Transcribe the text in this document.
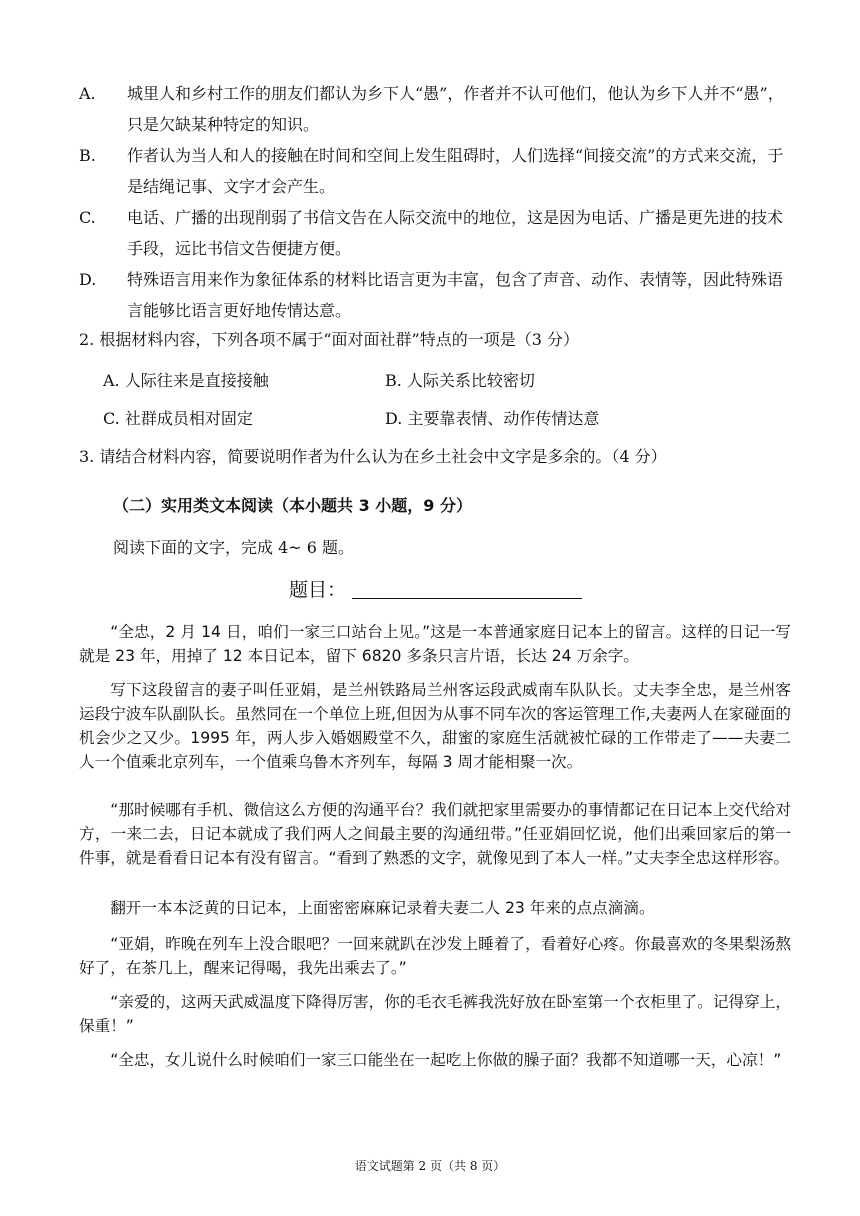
A. 城里人和乡村工作的朋友们都认为乡下人“愚”，作者并不认可他们，他认为乡下人并不“愚”，只是欠缺某种特定的知识。
B. 作者认为当人和人的接触在时间和空间上发生阻碍时，人们选择“间接交流”的方式来交流，于是结绳记事、文字才会产生。
C. 电话、广播的出现削弱了书信文告在人际交流中的地位，这是因为电话、广播是更先进的技术手段，远比书信文告便捷方便。
D. 特殊语言用来作为象征体系的材料比语言更为丰富，包含了声音、动作、表情等，因此特殊语言能够比语言更好地传情达意。
2. 根据材料内容，下列各项不属于“面对面社群”特点的一项是（3 分）
A. 人际往来是直接接触	B. 人际关系比较密切
C. 社群成员相对固定	D. 主要靠表情、动作传情达意
3. 请结合材料内容，简要说明作者为什么认为在乡土社会中文字是多余的。（4 分）
（二）实用类文本阅读（本小题共 3 小题，9 分）
阅读下面的文字，完成 4~ 6 题。
题目：
“全忠，2 月 14 日，咱们一家三口站台上见。”这是一本普通家庭日记本上的留言。这样的日记一写就是 23 年，用掉了 12 本日记本，留下 6820 多条只言片语，长达 24 万余字。
写下这段留言的妻子叫任亚娟，是兰州铁路局兰州客运段武威南车队队长。丈夫李全忠，是兰州客运段宁波车队副队长。虽然同在一个单位上班,但因为从事不同车次的客运管理工作,夫妻两人在家碰面的机会少之又少。1995 年，两人步入婚姻殿堂不久，甜蜜的家庭生活就被忙碌的工作带走了——夫妻二人一个值乘北京列车，一个值乘乌鲁木齐列车，每隔 3 周才能相聚一次。
“那时候哪有手机、微信这么方便的沟通平台？我们就把家里需要办的事情都记在日记本上交代给对方，一来二去，日记本就成了我们两人之间最主要的沟通纽带。”任亚娟回忆说，他们出乘回家后的第一件事，就是看看日记本有没有留言。“看到了熟悉的文字，就像见到了本人一样。”丈夫李全忠这样形容。
翻开一本本泛黄的日记本，上面密密麻麻记录着夫妻二人 23 年来的点点滴滴。
“亚娟，昨晚在列车上没合眼吧？一回来就趴在沙发上睡着了，看着好心疼。你最喜欢的冬果梨汤熬好了，在茶几上，醒来记得喝，我先出乘去了。”
“亲爱的，这两天武威温度下降得厉害，你的毛衣毛裤我洗好放在卧室第一个衣柜里了。记得穿上，保重！”
“全忠，女儿说什么时候咱们一家三口能坐在一起吃上你做的臊子面？我都不知道哪一天，心凉！”
语文试题第 2 页（共 8 页）
